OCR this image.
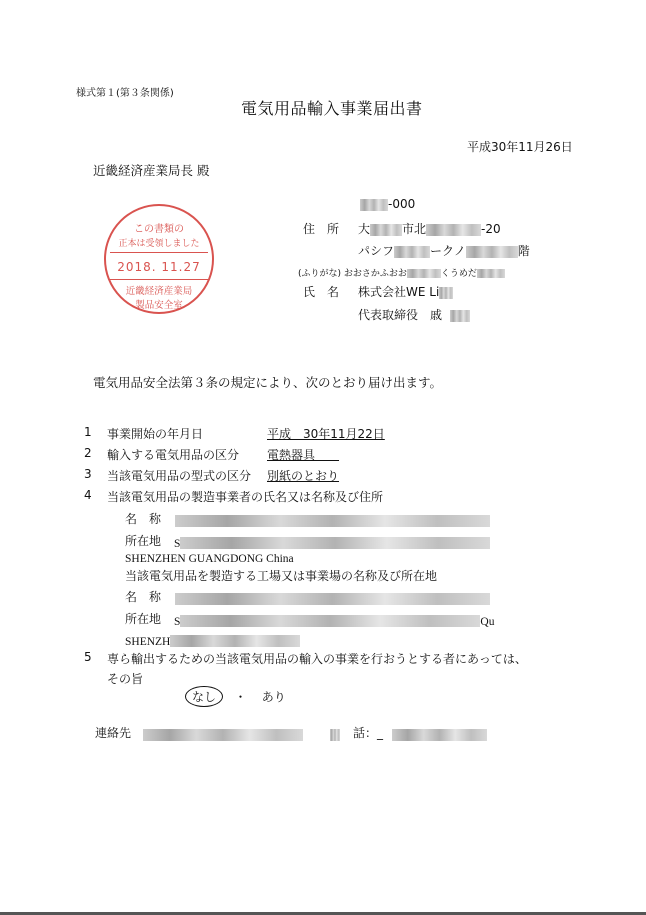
様式第１(第３条関係)
電気用品輸入事業届出書
平成30年11月26日
近畿経済産業局長 殿
この書類の
正本は受領しました
2018. 11.27
近畿経済産業局
製品安全室
-000
住　所 大	市北	-20
パシフ	ークノ	階
(ふりがな) おおさかふおお	くうめだ
氏　名 株式会社WE Li
代表取締役　戚
電気用品安全法第３条の規定により、次のとおり届け出ます。
1 事業開始の年月日	平成　30年11月22日
2 輸入する電気用品の区分 電熱器具　　
3 当該電気用品の型式の区分 別紙のとおり
4 当該電気用品の製造事業者の氏名又は名称及び住所
名　称
所在地 S
SHENZHEN GUANGDONG China
当該電気用品を製造する工場又は事業場の名称及び所在地
名　称
所在地 S	Qu
SHENZH
5 専ら輸出するための当該電気用品の輸入の事業を行おうとする者にあっては、
その旨
なし ・ あり
連絡先	話：_
